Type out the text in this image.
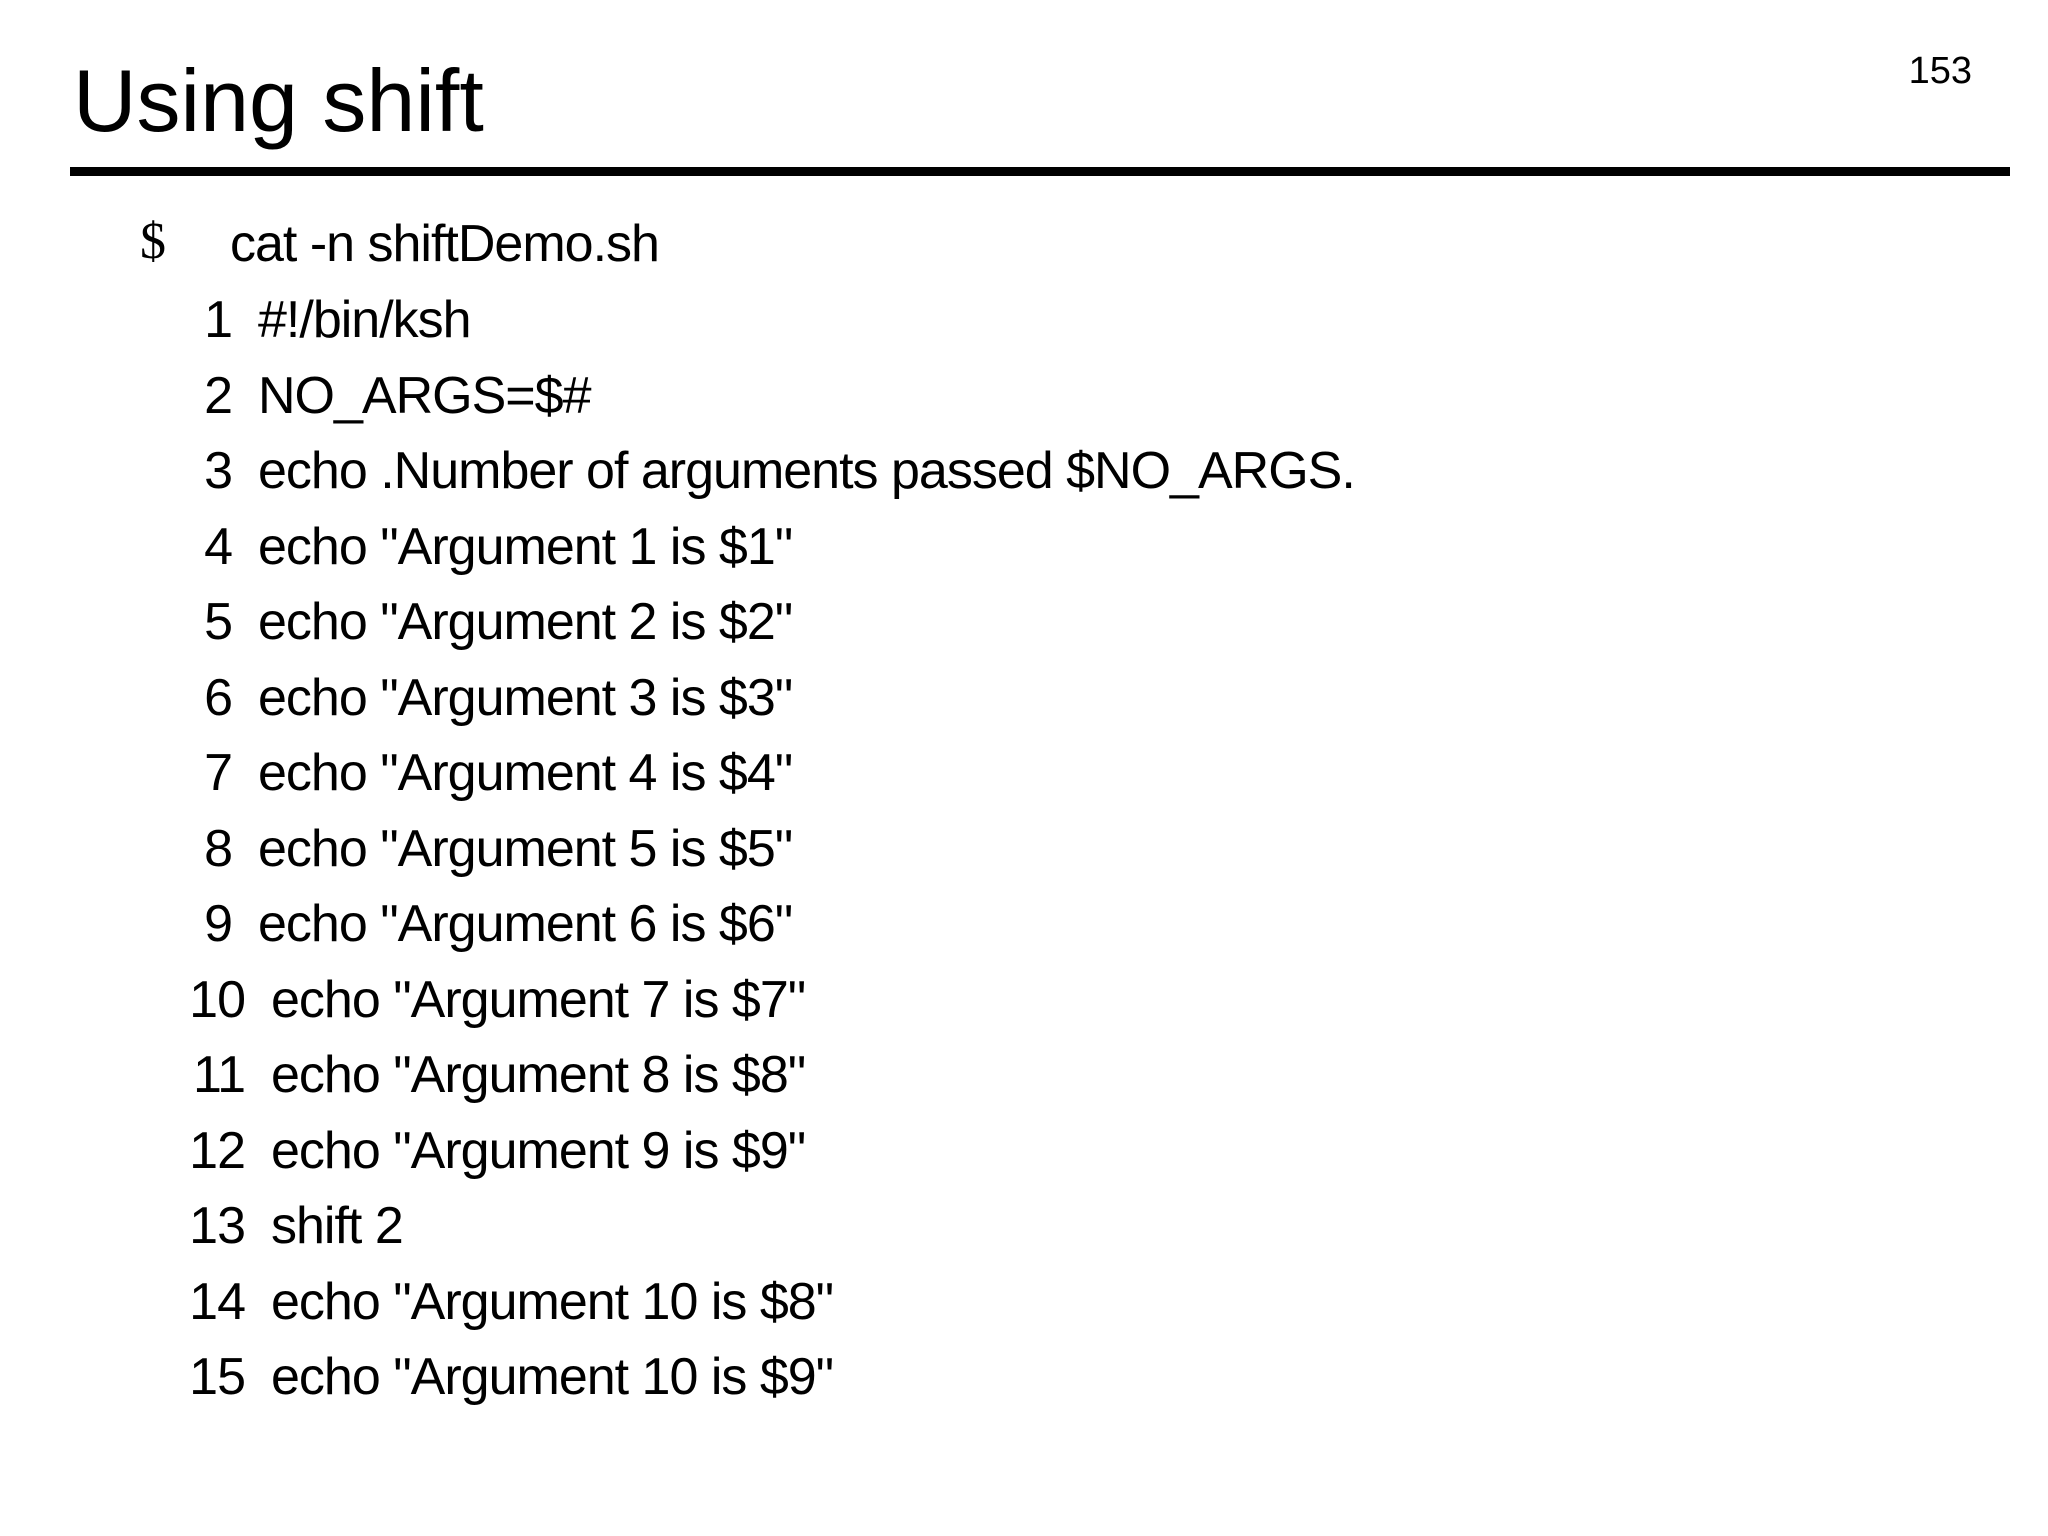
Using shift	153
$ cat -n shiftDemo.sh
1 #!/bin/ksh
2 NO_ARGS=$#
3 echo .Number of arguments passed $NO_ARGS.
4 echo "Argument 1 is $1"
5 echo "Argument 2 is $2"
6 echo "Argument 3 is $3"
7 echo "Argument 4 is $4"
8 echo "Argument 5 is $5"
9 echo "Argument 6 is $6"
10 echo "Argument 7 is $7"
11 echo "Argument 8 is $8"
12 echo "Argument 9 is $9"
13 shift 2
14 echo "Argument 10 is $8"
15 echo "Argument 10 is $9"
